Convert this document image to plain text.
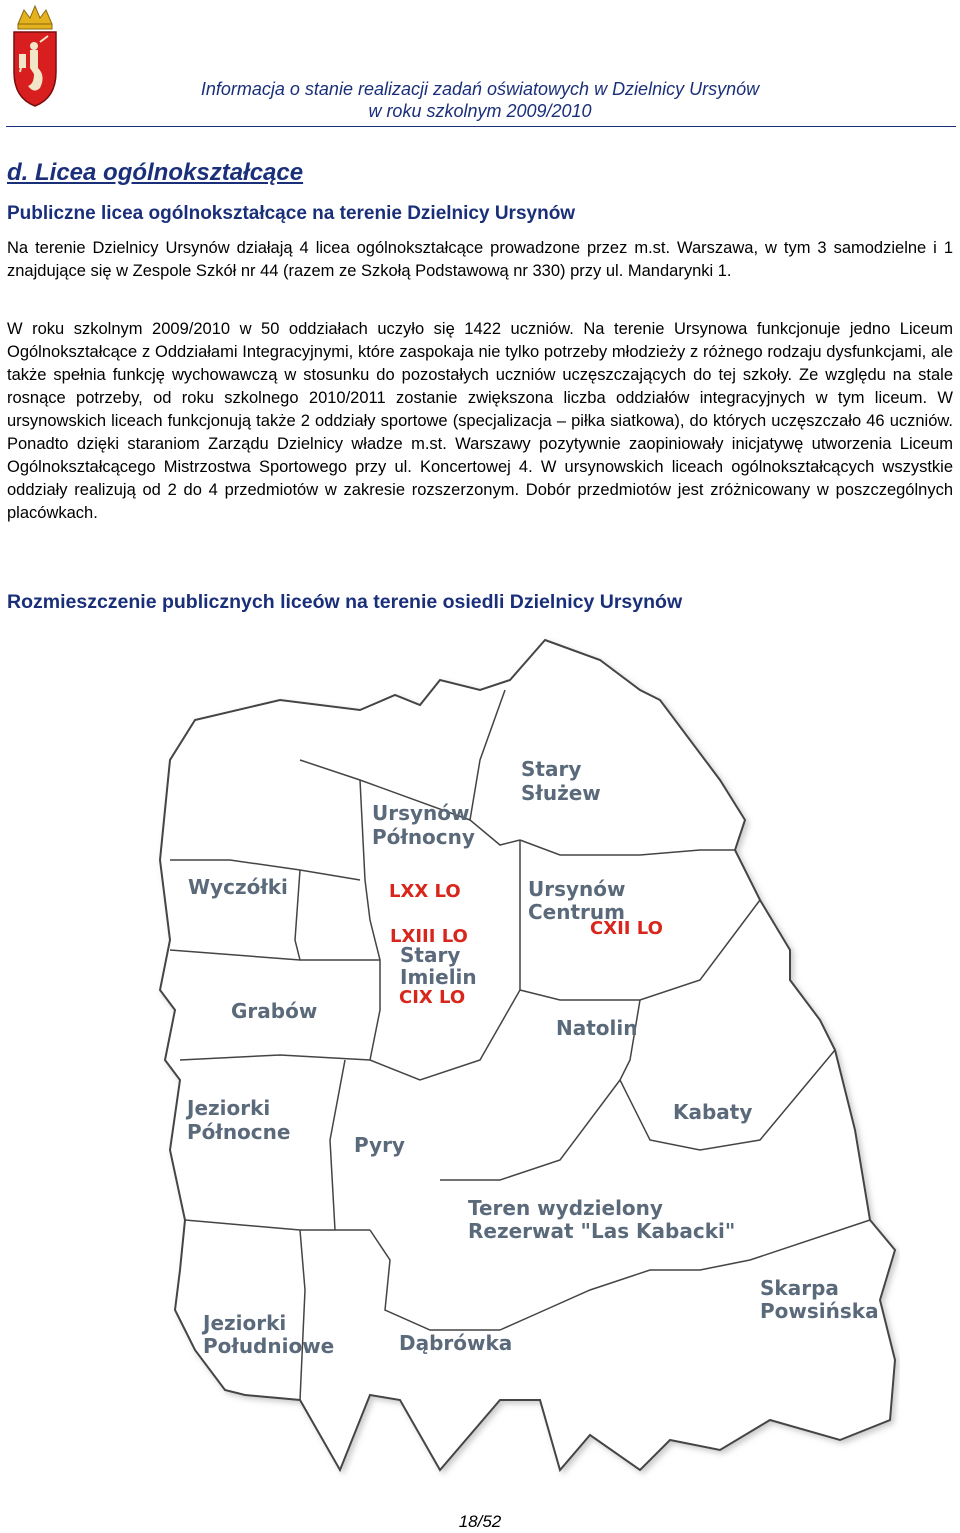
Informacja o stanie realizacji zadań oświatowych w Dzielnicy Ursynów
w roku szkolnym 2009/2010
d. Licea ogólnokształcące
Publiczne licea ogólnokształcące na terenie Dzielnicy Ursynów

Na terenie Dzielnicy Ursynów działają 4 licea ogólnokształcące prowadzone przez m.st. Warszawa, w tym 3 samodzielne i 1 znajdujące się w Zespole Szkół nr 44 (razem ze Szkołą Podstawową nr 330) przy ul. Mandarynki 1.

W roku szkolnym 2009/2010 w 50 oddziałach uczyło się 1422 uczniów. Na terenie Ursynowa funkcjonuje jedno Liceum Ogólnokształcące z Oddziałami Integracyjnymi, które zaspokaja nie tylko potrzeby młodzieży z różnego rodzaju dysfunkcjami, ale także spełnia funkcję wychowawczą w stosunku do pozostałych uczniów uczęszczających do tej szkoły. Ze względu na stale rosnące potrzeby, od roku szkolnego 2010/2011 zostanie zwiększona liczba oddziałów integracyjnych w tym liceum. W ursynowskich liceach funkcjonują także 2 oddziały sportowe (specjalizacja – piłka siatkowa), do których uczęszczało 46 uczniów. Ponadto dzięki staraniom Zarządu Dzielnicy władze m.st. Warszawy pozytywnie zaopiniowały inicjatywę utworzenia Liceum Ogólnokształcącego Mistrzostwa Sportowego przy ul. Koncertowej 4. W ursynowskich liceach ogólnokształcących wszystkie oddziały realizują od 2 do 4 przedmiotów w zakresie rozszerzonym. Dobór przedmiotów jest zróżnicowany w poszczególnych placówkach.

Rozmieszczenie publicznych liceów na terenie osiedli Dzielnicy Ursynów
Stary
Służew
Ursynów
Północny
Wyczółki	Ursynów
Centrum
Stary
Imielin
Grabów
Natolin
Jeziorki
Północne
Pyry
Kabaty
Teren wydzielony
Rezerwat "Las Kabacki"
Skarpa
Powsińska
Jeziorki
Południowe	Dąbrówka
LXX LO
LXIII LO
CIX LO
CXII LO
18/52
